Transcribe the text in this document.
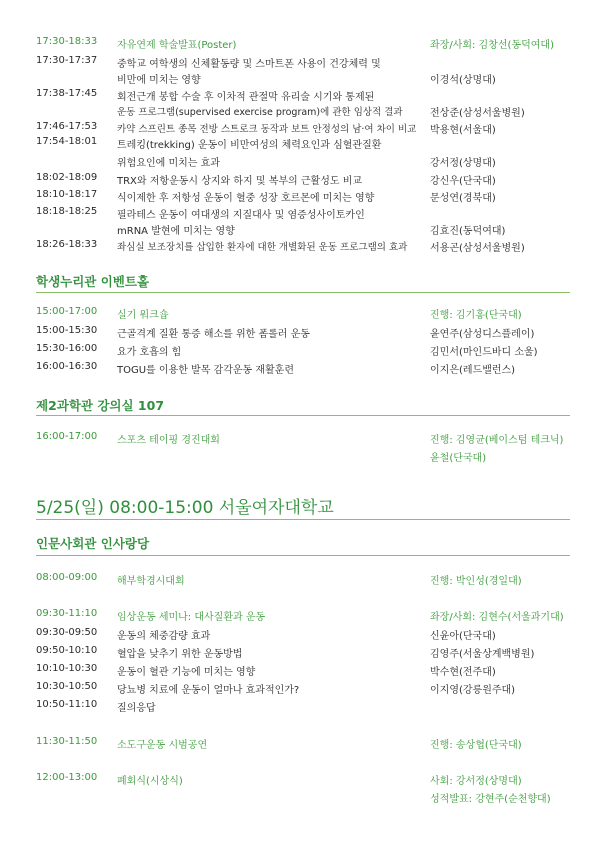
17:30-18:33 자유연제 학술발표(Poster)	좌장/사회: 김창선(동덕여대)
17:30-17:37 중학교 여학생의 신체활동량 및 스마트폰 사용이 건강체력 및
비만에 미치는 영향	이경석(상명대)
17:38-17:45 회전근개 봉합 수술 후 이차적 관절막 유리술 시기와 통제된
운동 프로그램(supervised exercise program)에 관한 임상적 결과	전상준(삼성서울병원)
17:46-17:53 카약 스프린트 종목 전방 스트로크 동작과 보트 안정성의 남·여 차이 비교 박용현(서울대)
17:54-18:01 트레킹(trekking) 운동이 비만여성의 체력요인과 심혈관질환
위험요인에 미치는 효과	강서정(상명대)
18:02-18:09 TRX와 저항운동시 상지와 하지 및 복부의 근활성도 비교	강신우(단국대)
18:10-18:17 식이제한 후 저항성 운동이 혈중 성장 호르몬에 미치는 영향	문성연(경북대)
18:18-18:25 필라테스 운동이 여대생의 지질대사 및 염증성사이토카인
mRNA 발현에 미치는 영향	김효진(동덕여대)
18:26-18:33 좌심실 보조장치를 삽입한 환자에 대한 개별화된 운동 프로그램의 효과 서용곤(삼성서울병원)
학생누리관 이벤트홀
15:00-17:00 실기 워크숍	진행: 김기홍(단국대)
15:00-15:30 근골격계 질환 통증 해소를 위한 폼롤러 운동	윤연주(삼성디스플레이)
15:30-16:00 요가 호흡의 힘	김민서(마인드바디 소울)
16:00-16:30 TOGU를 이용한 발목 감각운동 재활훈련	이지은(레드밸런스)
제2과학관 강의실 107
16:00-17:00 스포츠 테이핑 경진대회	진행: 김영균(베이스텀 테크닉)
윤철(단국대)
5/25(일) 08:00-15:00 서울여자대학교
인문사회관 인사랑당
08:00-09:00 해부학경시대회	진행: 박인성(경일대)
09:30-11:10 임상운동 세미나: 대사질환과 운동	좌장/사회: 김현수(서울과기대)
09:30-09:50 운동의 체중감량 효과	신윤아(단국대)
09:50-10:10 혈압을 낮추기 위한 운동방법	김영주(서울상계백병원)
10:10-10:30 운동이 혈관 기능에 미치는 영향	박수현(전주대)
10:30-10:50 당뇨병 치료에 운동이 얼마나 효과적인가?	이지영(강릉원주대)
10:50-11:10 질의응답
11:30-11:50 소도구운동 시범공연	진행: 송상협(단국대)
12:00-13:00 폐회식(시상식)	사회: 강서정(상명대)
성적발표: 강현주(순천향대)
